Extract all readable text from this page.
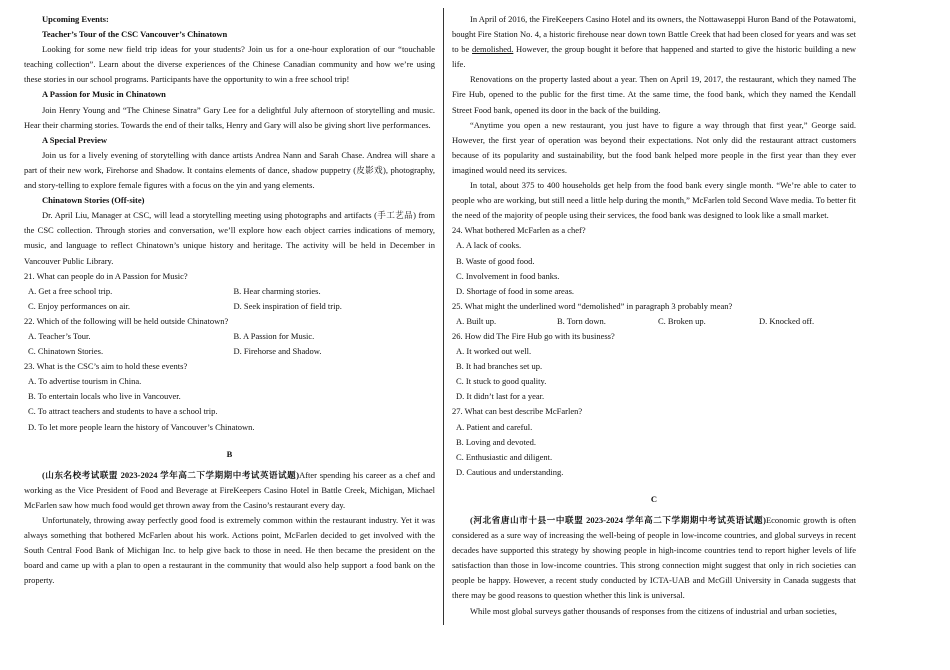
Upcoming Events:

Teacher’s Tour of the CSC Vancouver’s Chinatown

Looking for some new field trip ideas for your students? Join us for a one-hour exploration of our “touchable teaching collection”. Learn about the diverse experiences of the Chinese Canadian community and how we’re using these stories in our school programs. Participants have the opportunity to win a free school trip!

A Passion for Music in Chinatown

Join Henry Young and “The Chinese Sinatra” Gary Lee for a delightful July afternoon of storytelling and music. Hear their charming stories. Towards the end of their talks, Henry and Gary will also be giving short live performances.

A Special Preview

Join us for a lively evening of storytelling with dance artists Andrea Nann and Sarah Chase. Andrea will share a part of their new work, Firehorse and Shadow. It contains elements of dance, shadow puppetry (皮影戏), photography, and story-telling to explore female figures with a focus on the yin and yang elements.

Chinatown Stories (Off-site)

Dr. April Liu, Manager at CSC, will lead a storytelling meeting using photographs and artifacts (手工艺品) from the CSC collection. Through stories and conversation, we’ll explore how each object carries indications of memory, music, and language to reflect Chinatown’s unique history and heritage. The activity will be held in December in Vancouver Public Library.

21. What can people do in A Passion for Music?

A. Get a free school trip.	B. Hear charming stories.
C. Enjoy performances on air.	D. Seek inspiration of field trip.

22. Which of the following will be held outside Chinatown?

A. Teacher’s Tour.	B. A Passion for Music.
C. Chinatown Stories.	D. Firehorse and Shadow.

23. What is the CSC’s aim to hold these events?

A. To advertise tourism in China.

B. To entertain locals who live in Vancouver.

C. To attract teachers and students to have a school trip.

D. To let more people learn the history of Vancouver’s Chinatown.

B

(山东名校考试联盟 2023-2024 学年高二下学期期中考试英语试题)After spending his career as a chef and working as the Vice President of Food and Beverage at FireKeepers Casino Hotel in Battle Creek, Michigan, Michael McFarlen saw how much food would get thrown away from the Casino’s restaurant every day.

Unfortunately, throwing away perfectly good food is extremely common within the restaurant industry. Yet it was always something that bothered McFarlen about his work. Actions point, McFarlen decided to get involved with the South Central Food Bank of Michigan Inc. to help give back to those in need. He then became the president on the board and came up with a plan to open a restaurant in the community that would also help support a food bank on the property.

In April of 2016, the FireKeepers Casino Hotel and its owners, the Nottawaseppi Huron Band of the Potawatomi, bought Fire Station No. 4, a historic firehouse near down town Battle Creek that had been closed for years and was set to be demolished. However, the group bought it before that happened and started to give the historic building a new life.

Renovations on the property lasted about a year. Then on April 19, 2017, the restaurant, which they named The Fire Hub, opened to the public for the first time. At the same time, the food bank, which they named the Kendall Street Food bank, opened its door in the back of the building.

“Anytime you open a new restaurant, you just have to figure a way through that first year,” George said. However, the first year of operation was beyond their expectations. Not only did the restaurant attract customers because of its popularity and sustainability, but the food bank helped more people in the first year than they ever imagined would need its services.

In total, about 375 to 400 households get help from the food bank every single month. “We’re able to cater to people who are working, but still need a little help during the month,” McFarlen told Second Wave media. To better fit the need of the majority of people using their services, the food bank was designed to look like a small market.

24. What bothered McFarlen as a chef?

A. A lack of cooks.

B. Waste of good food.

C. Involvement in food banks.

D. Shortage of food in some areas.

25. What might the underlined word “demolished” in paragraph 3 probably mean?

A. Built up.	B. Torn down.	C. Broken up.	D. Knocked off.

26. How did The Fire Hub go with its business?

A. It worked out well.

B. It had branches set up.

C. It stuck to good quality.

D. It didn’t last for a year.

27. What can best describe McFarlen?

A. Patient and careful.

B. Loving and devoted.

C. Enthusiastic and diligent.

D. Cautious and understanding.

C

(河北省唐山市十县一中联盟 2023-2024 学年高二下学期期中考试英语试题)Economic growth is often considered as a sure way of increasing the well-being of people in low-income countries, and global surveys in recent decades have supported this strategy by showing people in high-income countries tend to report higher levels of life satisfaction than those in low-income countries. This strong connection might suggest that only in rich societies can people be happy. However, a recent study conducted by ICTA-UAB and McGill University in Canada suggests that there may be good reasons to question whether this link is universal.

While most global surveys gather thousands of responses from the citizens of industrial and urban societies,
